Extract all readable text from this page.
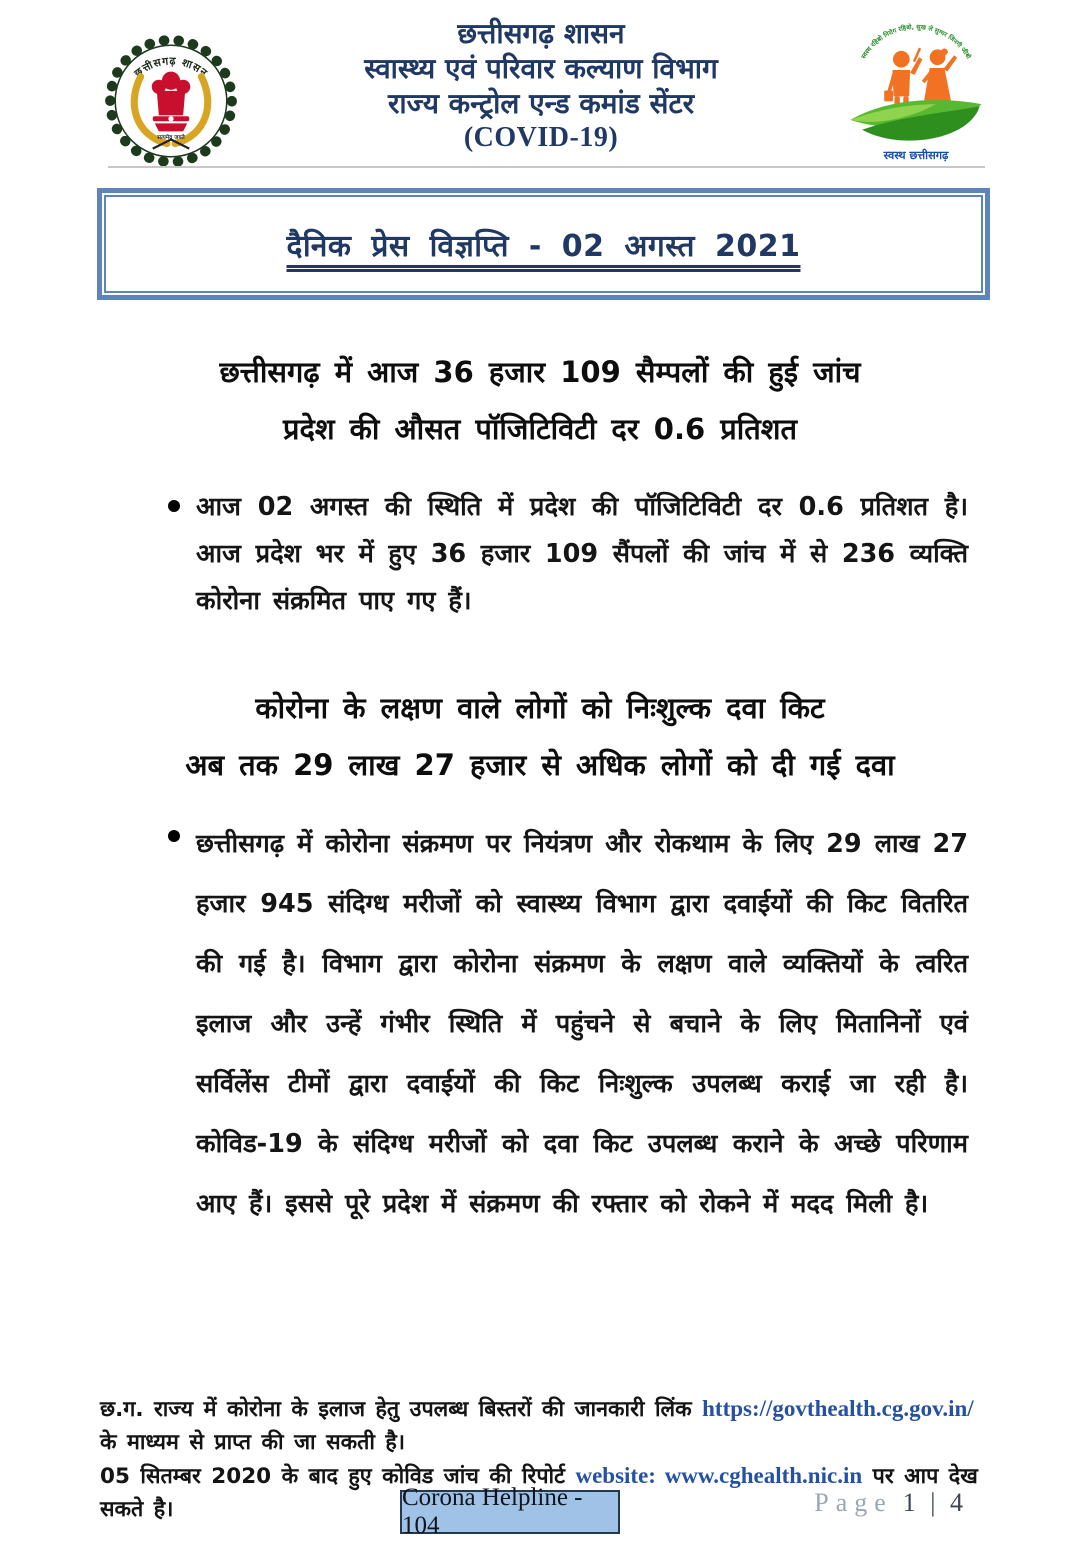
छत्तीसगढ़ शासन
सत्यमेव जयते
छत्तीसगढ़ शासन
स्वास्थ्य एवं परिवार कल्याण विभाग
राज्य कन्ट्रोल एन्ड कमांड सेंटर
(COVID-19)
स्वस्थ रहिबो निरोग रहिबो, सुख ले सुग्घर जिनगी जीबो
स्वस्थ छत्तीसगढ़
दैनिक प्रेस विज्ञप्ति - 02 अगस्त 2021
छत्तीसगढ़ में आज 36 हजार 109 सैम्पलों की हुई जांच
प्रदेश की औसत पॉजिटिविटी दर 0.6 प्रतिशत
आज 02 अगस्त की स्थिति में प्रदेश की पॉजिटिविटी दर 0.6 प्रतिशत है। आज प्रदेश भर में हुए 36 हजार 109 सैंपलों की जांच में से 236 व्यक्ति कोरोना संक्रमित पाए गए हैं।
कोरोना के लक्षण वाले लोगों को निःशुल्क दवा किट
अब तक 29 लाख 27 हजार से अधिक लोगों को दी गई दवा
छत्तीसगढ़ में कोरोना संक्रमण पर नियंत्रण और रोकथाम के लिए 29 लाख 27 हजार 945 संदिग्ध मरीजों को स्वास्थ्य विभाग द्वारा दवाईयों की किट वितरित की गई है। विभाग द्वारा कोरोना संक्रमण के लक्षण वाले व्यक्तियों के त्वरित इलाज और उन्हें गंभीर स्थिति में पहुंचने से बचाने के लिए मितानिनों एवं सर्विलेंस टीमों द्वारा दवाईयों की किट निःशुल्क उपलब्ध कराई जा रही है। कोविड-19 के संदिग्ध मरीजों को दवा किट उपलब्ध कराने के अच्छे परिणाम आए हैं। इससे पूरे प्रदेश में संक्रमण की रफ्तार को रोकने में मदद मिली है।

छ.ग. राज्य में कोरोना के इलाज हेतु उपलब्ध बिस्तरों की जानकारी लिंक https://govthealth.cg.gov.in/ के माध्यम से प्राप्त की जा सकती है।

05 सितम्बर 2020 के बाद हुए कोविड जांच की रिपोर्ट website: www.cghealth.nic.in पर आप देख सकते है।	Corona Helpline - 104
Page 1 | 4
